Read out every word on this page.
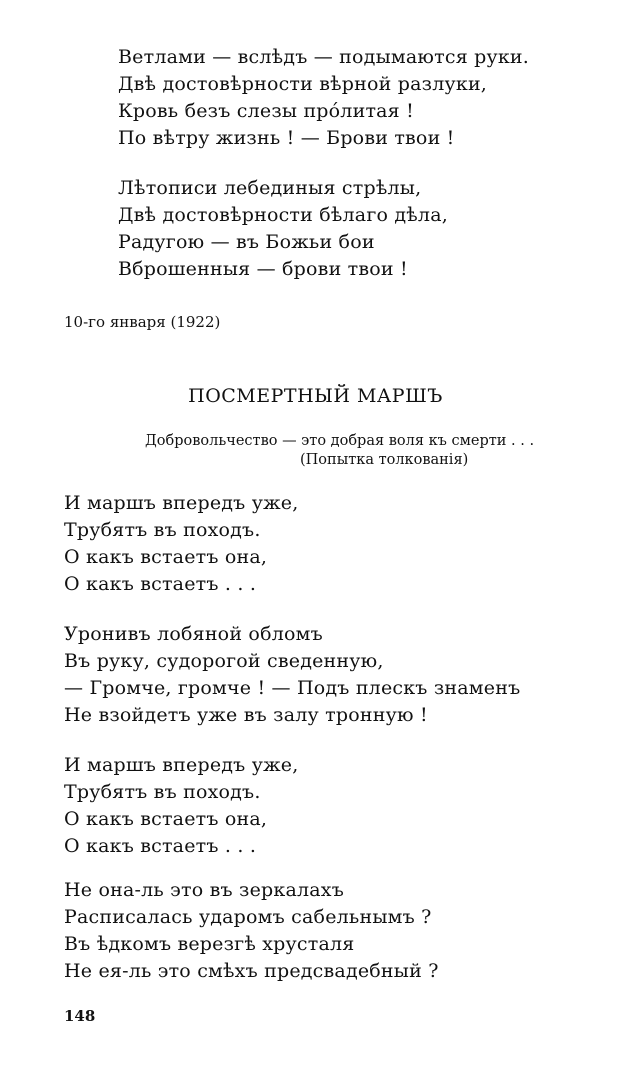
Ветлами — вслѣдъ — подымаются руки.
Двѣ достовѣрности вѣрной разлуки,
Кровь безъ слезы прóлитая !
По вѣтру жизнь ! — Брови твои !
Лѣтописи лебединыя стрѣлы,
Двѣ достовѣрности бѣлаго дѣла,
Радугою — въ Божьи бои
Вброшенныя — брови твои !
10-го января (1922)
ПОСМЕРТНЫЙ МАРШЪ
Добровольчество — это добрая воля къ смерти . . .
(Попытка толкованія)
И маршъ впередъ уже,
Трубятъ въ походъ.
О какъ встаетъ она,
О какъ встаетъ . . .
Уронивъ лобяной обломъ
Въ руку, судорогой сведенную,
— Громче, громче ! — Подъ плескъ знаменъ
Не взойдетъ уже въ залу тронную !
И маршъ впередъ уже,
Трубятъ въ походъ.
О какъ встаетъ она,
О какъ встаетъ . . .
Не она-ль это въ зеркалахъ
Расписалась ударомъ сабельнымъ ?
Въ ѣдкомъ верезгѣ хрусталя
Не ея-ль это смѣхъ предсвадебный ?
148
